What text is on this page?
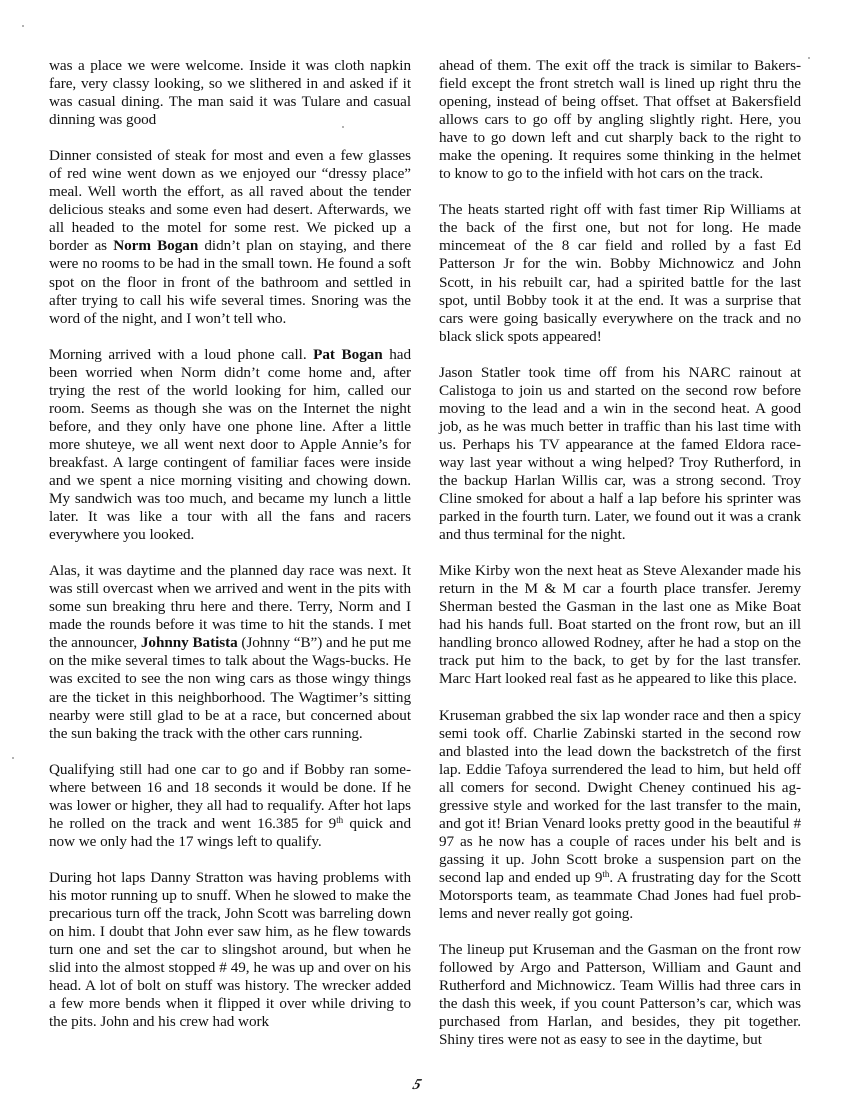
was a place we were welcome. Inside it was cloth napkin fare, very classy looking, so we slithered in and asked if it was casual dining. The man said it was Tulare and casual dinning was good

Dinner consisted of steak for most and even a few glasses of red wine went down as we enjoyed our “dressy place” meal. Well worth the effort, as all raved about the tender delicious steaks and some even had desert. Afterwards, we all headed to the motel for some rest. We picked up a border as Norm Bogan didn’t plan on staying, and there were no rooms to be had in the small town. He found a soft spot on the floor in front of the bathroom and settled in after trying to call his wife several times. Snoring was the word of the night, and I won’t tell who.

Morning arrived with a loud phone call. Pat Bogan had been worried when Norm didn’t come home and, after trying the rest of the world looking for him, called our room. Seems as though she was on the Internet the night before, and they only have one phone line. After a little more shuteye, we all went next door to Apple Annie’s for breakfast. A large contingent of familiar faces were inside and we spent a nice morning visiting and chowing down. My sandwich was too much, and became my lunch a little later. It was like a tour with all the fans and racers everywhere you looked.

Alas, it was daytime and the planned day race was next. It was still overcast when we arrived and went in the pits with some sun breaking thru here and there. Terry, Norm and I made the rounds before it was time to hit the stands. I met the announcer, Johnny Batista (Johnny “B”) and he put me on the mike several times to talk about the Wags-bucks. He was excited to see the non wing cars as those wingy things are the ticket in this neighborhood. The Wagtimer’s sitting nearby were still glad to be at a race, but concerned about the sun baking the track with the other cars running.

Qualifying still had one car to go and if Bobby ran some-where between 16 and 18 seconds it would be done. If he was lower or higher, they all had to requalify. After hot laps he rolled on the track and went 16.385 for 9th quick and now we only had the 17 wings left to qualify.

During hot laps Danny Stratton was having problems with his motor running up to snuff. When he slowed to make the precarious turn off the track, John Scott was barreling down on him. I doubt that John ever saw him, as he flew towards turn one and set the car to slingshot around, but when he slid into the almost stopped # 49, he was up and over on his head. A lot of bolt on stuff was history. The wrecker added a few more bends when it flipped it over while driving to the pits. John and his crew had work

ahead of them. The exit off the track is similar to Bakers-field except the front stretch wall is lined up right thru the opening, instead of being offset. That offset at Bakersfield allows cars to go off by angling slightly right. Here, you have to go down left and cut sharply back to the right to make the opening. It requires some thinking in the helmet to know to go to the infield with hot cars on the track.

The heats started right off with fast timer Rip Williams at the back of the first one, but not for long. He made mincemeat of the 8 car field and rolled by a fast Ed Patterson Jr for the win. Bobby Michnowicz and John Scott, in his rebuilt car, had a spirited battle for the last spot, until Bobby took it at the end. It was a surprise that cars were going basically everywhere on the track and no black slick spots appeared!

Jason Statler took time off from his NARC rainout at Calistoga to join us and started on the second row before moving to the lead and a win in the second heat. A good job, as he was much better in traffic than his last time with us. Perhaps his TV appearance at the famed Eldora race-way last year without a wing helped? Troy Rutherford, in the backup Harlan Willis car, was a strong second. Troy Cline smoked for about a half a lap before his sprinter was parked in the fourth turn. Later, we found out it was a crank and thus terminal for the night.

Mike Kirby won the next heat as Steve Alexander made his return in the M & M car a fourth place transfer. Jeremy Sherman bested the Gasman in the last one as Mike Boat had his hands full. Boat started on the front row, but an ill handling bronco allowed Rodney, after he had a stop on the track put him to the back, to get by for the last transfer. Marc Hart looked real fast as he appeared to like this place.

Kruseman grabbed the six lap wonder race and then a spicy semi took off. Charlie Zabinski started in the second row and blasted into the lead down the backstretch of the first lap. Eddie Tafoya surrendered the lead to him, but held off all comers for second. Dwight Cheney continued his ag-gressive style and worked for the last transfer to the main, and got it! Brian Venard looks pretty good in the beautiful # 97 as he now has a couple of races under his belt and is gassing it up. John Scott broke a suspension part on the second lap and ended up 9th. A frustrating day for the Scott Motorsports team, as teammate Chad Jones had fuel prob-lems and never really got going.

The lineup put Kruseman and the Gasman on the front row followed by Argo and Patterson, William and Gaunt and Rutherford and Michnowicz. Team Willis had three cars in the dash this week, if you count Patterson’s car, which was purchased from Harlan, and besides, they pit together. Shiny tires were not as easy to see in the daytime, but

5
